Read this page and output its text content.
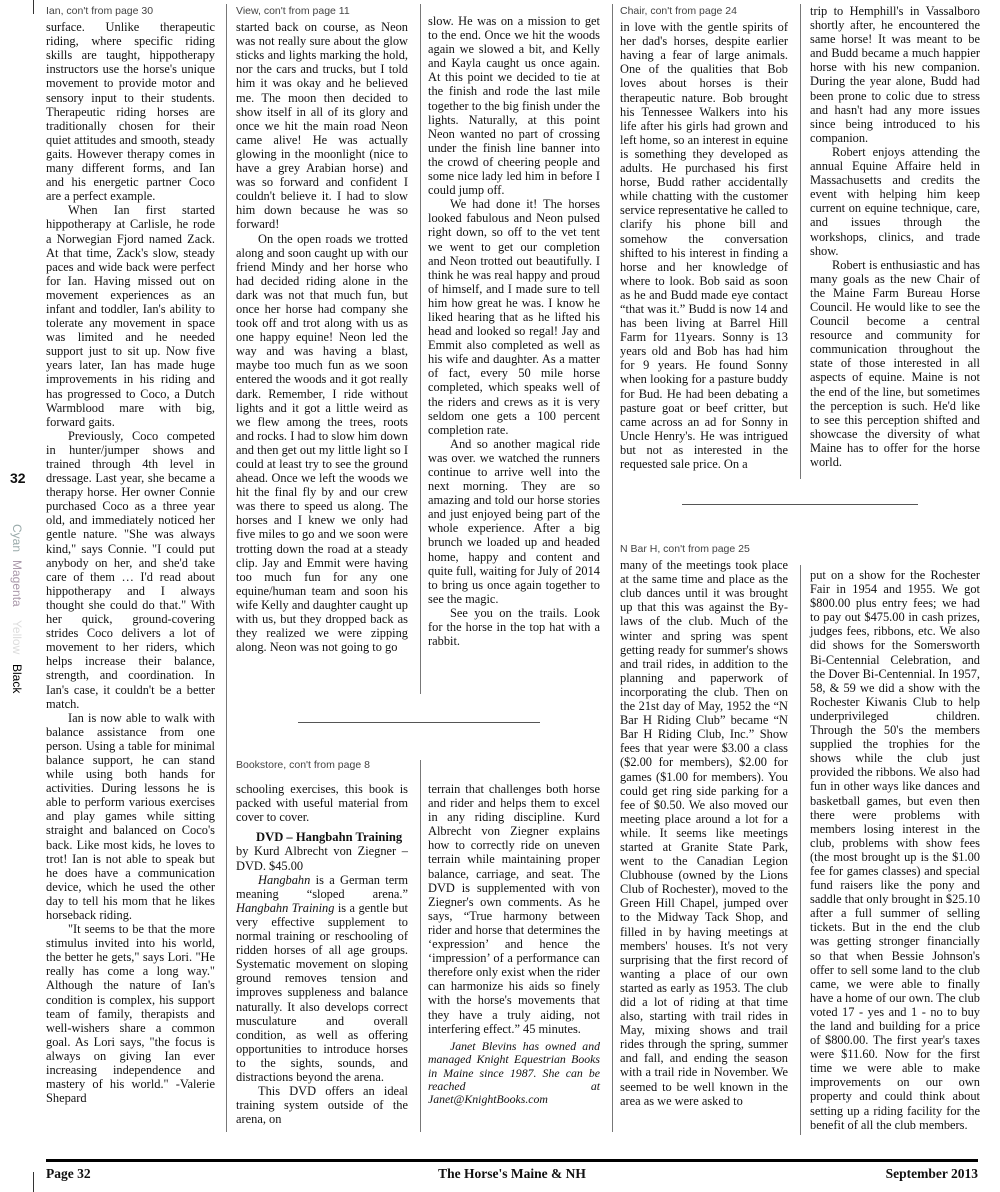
32
Cyan
Magenta
Yellow
Black
Ian, con't from page 30

surface. Unlike therapeutic riding, where specific riding skills are taught, hippotherapy instructors use the horse's unique movement to provide motor and sensory input to their students. Therapeutic riding horses are traditionally chosen for their quiet attitudes and smooth, steady gaits. However therapy comes in many different forms, and Ian and his energetic partner Coco are a perfect example.

When Ian first started hippotherapy at Carlisle, he rode a Norwegian Fjord named Zack. At that time, Zack's slow, steady paces and wide back were perfect for Ian. Having missed out on movement experiences as an infant and toddler, Ian's ability to tolerate any movement in space was limited and he needed support just to sit up. Now five years later, Ian has made huge improvements in his riding and has progressed to Coco, a Dutch Warmblood mare with big, forward gaits.

Previously, Coco competed in hunter/jumper shows and trained through 4th level in dressage. Last year, she became a therapy horse. Her owner Connie purchased Coco as a three year old, and immediately noticed her gentle nature. "She was always kind," says Connie. "I could put anybody on her, and she'd take care of them … I'd read about hippotherapy and I always thought she could do that." With her quick, ground-covering strides Coco delivers a lot of movement to her riders, which helps increase their balance, strength, and coordination. In Ian's case, it couldn't be a better match.

Ian is now able to walk with balance assistance from one person. Using a table for minimal balance support, he can stand while using both hands for activities. During lessons he is able to perform various exercises and play games while sitting straight and balanced on Coco's back. Like most kids, he loves to trot! Ian is not able to speak but he does have a communication device, which he used the other day to tell his mom that he likes horseback riding.

"It seems to be that the more stimulus invited into his world, the better he gets," says Lori. "He really has come a long way." Although the nature of Ian's condition is complex, his support team of family, therapists and well-wishers share a common goal. As Lori says, "the focus is always on giving Ian ever increasing independence and mastery of his world." -Valerie Shepard

View, con't from page 11

started back on course, as Neon was not really sure about the glow sticks and lights marking the hold, nor the cars and trucks, but I told him it was okay and he believed me. The moon then decided to show itself in all of its glory and once we hit the main road Neon came alive! He was actually glowing in the moonlight (nice to have a grey Arabian horse) and was so forward and confident I couldn't believe it. I had to slow him down because he was so forward!

On the open roads we trotted along and soon caught up with our friend Mindy and her horse who had decided riding alone in the dark was not that much fun, but once her horse had company she took off and trot along with us as one happy equine! Neon led the way and was having a blast, maybe too much fun as we soon entered the woods and it got really dark. Remember, I ride without lights and it got a little weird as we flew among the trees, roots and rocks. I had to slow him down and then get out my little light so I could at least try to see the ground ahead. Once we left the woods we hit the final fly by and our crew was there to speed us along. The horses and I knew we only had five miles to go and we soon were trotting down the road at a steady clip. Jay and Emmit were having too much fun for any one equine/human team and soon his wife Kelly and daughter caught up with us, but they dropped back as they realized we were zipping along. Neon was not going to go

slow. He was on a mission to get to the end. Once we hit the woods again we slowed a bit, and Kelly and Kayla caught us once again. At this point we decided to tie at the finish and rode the last mile together to the big finish under the lights. Naturally, at this point Neon wanted no part of crossing under the finish line banner into the crowd of cheering people and some nice lady led him in before I could jump off.

We had done it! The horses looked fabulous and Neon pulsed right down, so off to the vet tent we went to get our completion and Neon trotted out beautifully. I think he was real happy and proud of himself, and I made sure to tell him how great he was. I know he liked hearing that as he lifted his head and looked so regal! Jay and Emmit also completed as well as his wife and daughter. As a matter of fact, every 50 mile horse completed, which speaks well of the riders and crews as it is very seldom one gets a 100 percent completion rate.

And so another magical ride was over. we watched the runners continue to arrive well into the next morning. They are so amazing and told our horse stories and just enjoyed being part of the whole experience. After a big brunch we loaded up and headed home, happy and content and quite full, waiting for July of 2014 to bring us once again together to see the magic.

See you on the trails. Look for the horse in the top hat with a rabbit.

Bookstore, con't from page 8

schooling exercises, this book is packed with useful material from cover to cover.

DVD – Hangbahn Training

by Kurd Albrecht von Ziegner – DVD. $45.00

Hangbahn is a German term meaning “sloped arena.” Hangbahn Training is a gentle but very effective supplement to normal training or reschooling of ridden horses of all age groups. Systematic movement on sloping ground removes tension and improves suppleness and balance naturally. It also develops correct musculature and overall condition, as well as offering opportunities to introduce horses to the sights, sounds, and distractions beyond the arena.

This DVD offers an ideal training system outside of the arena, on

terrain that challenges both horse and rider and helps them to excel in any riding discipline. Kurd Albrecht von Ziegner explains how to correctly ride on uneven terrain while maintaining proper balance, carriage, and seat. The DVD is supplemented with von Ziegner's own comments. As he says, “True harmony between rider and horse that determines the ‘expression’ and hence the ‘impression’ of a performance can therefore only exist when the rider can harmonize his aids so finely with the horse's movements that they have a truly aiding, not interfering effect.” 45 minutes.

Janet Blevins has owned and managed Knight Equestrian Books in Maine since 1987. She can be reached at Janet@KnightBooks.com

Chair, con't from page 24

in love with the gentle spirits of her dad's horses, despite earlier having a fear of large animals. One of the qualities that Bob loves about horses is their therapeutic nature. Bob brought his Tennessee Walkers into his life after his girls had grown and left home, so an interest in equine is something they developed as adults. He purchased his first horse, Budd rather accidentally while chatting with the customer service representative he called to clarify his phone bill and somehow the conversation shifted to his interest in finding a horse and her knowledge of where to look. Bob said as soon as he and Budd made eye contact “that was it.” Budd is now 14 and has been living at Barrel Hill Farm for 11years. Sonny is 13 years old and Bob has had him for 9 years. He found Sonny when looking for a pasture buddy for Bud. He had been debating a pasture goat or beef critter, but came across an ad for Sonny in Uncle Henry's. He was intrigued but not as interested in the requested sale price. On a

trip to Hemphill's in Vassalboro shortly after, he encountered the same horse! It was meant to be and Budd became a much happier horse with his new companion. During the year alone, Budd had been prone to colic due to stress and hasn't had any more issues since being introduced to his companion.

Robert enjoys attending the annual Equine Affaire held in Massachusetts and credits the event with helping him keep current on equine technique, care, and issues through the workshops, clinics, and trade show.

Robert is enthusiastic and has many goals as the new Chair of the Maine Farm Bureau Horse Council. He would like to see the Council become a central resource and community for communication throughout the state of those interested in all aspects of equine. Maine is not the end of the line, but sometimes the perception is such. He'd like to see this perception shifted and showcase the diversity of what Maine has to offer for the horse world.

N Bar H, con't from page 25

many of the meetings took place at the same time and place as the club dances until it was brought up that this was against the By-laws of the club. Much of the winter and spring was spent getting ready for summer's shows and trail rides, in addition to the planning and paperwork of incorporating the club. Then on the 21st day of May, 1952 the “N Bar H Riding Club” became “N Bar H Riding Club, Inc.” Show fees that year were $3.00 a class ($2.00 for members), $2.00 for games ($1.00 for members). You could get ring side parking for a fee of $0.50. We also moved our meeting place around a lot for a while. It seems like meetings started at Granite State Park, went to the Canadian Legion Clubhouse (owned by the Lions Club of Rochester), moved to the Green Hill Chapel, jumped over to the Midway Tack Shop, and filled in by having meetings at members' houses. It's not very surprising that the first record of wanting a place of our own started as early as 1953. The club did a lot of riding at that time also, starting with trail rides in May, mixing shows and trail rides through the spring, summer and fall, and ending the season with a trail ride in November. We seemed to be well known in the area as we were asked to

put on a show for the Rochester Fair in 1954 and 1955. We got $800.00 plus entry fees; we had to pay out $475.00 in cash prizes, judges fees, ribbons, etc. We also did shows for the Somersworth Bi-Centennial Celebration, and the Dover Bi-Centennial. In 1957, 58, & 59 we did a show with the Rochester Kiwanis Club to help underprivileged children. Through the 50's the members supplied the trophies for the shows while the club just provided the ribbons. We also had fun in other ways like dances and basketball games, but even then there were problems with members losing interest in the club, problems with show fees (the most brought up is the $1.00 fee for games classes) and special fund raisers like the pony and saddle that only brought in $25.10 after a full summer of selling tickets. But in the end the club was getting stronger financially so that when Bessie Johnson's offer to sell some land to the club came, we were able to finally have a home of our own. The club voted 17 - yes and 1 - no to buy the land and building for a price of $800.00. The first year's taxes were $11.60. Now for the first time we were able to make improvements on our own property and could think about setting up a riding facility for the benefit of all the club members.

Page 32	The Horse's Maine & NH	September 2013
